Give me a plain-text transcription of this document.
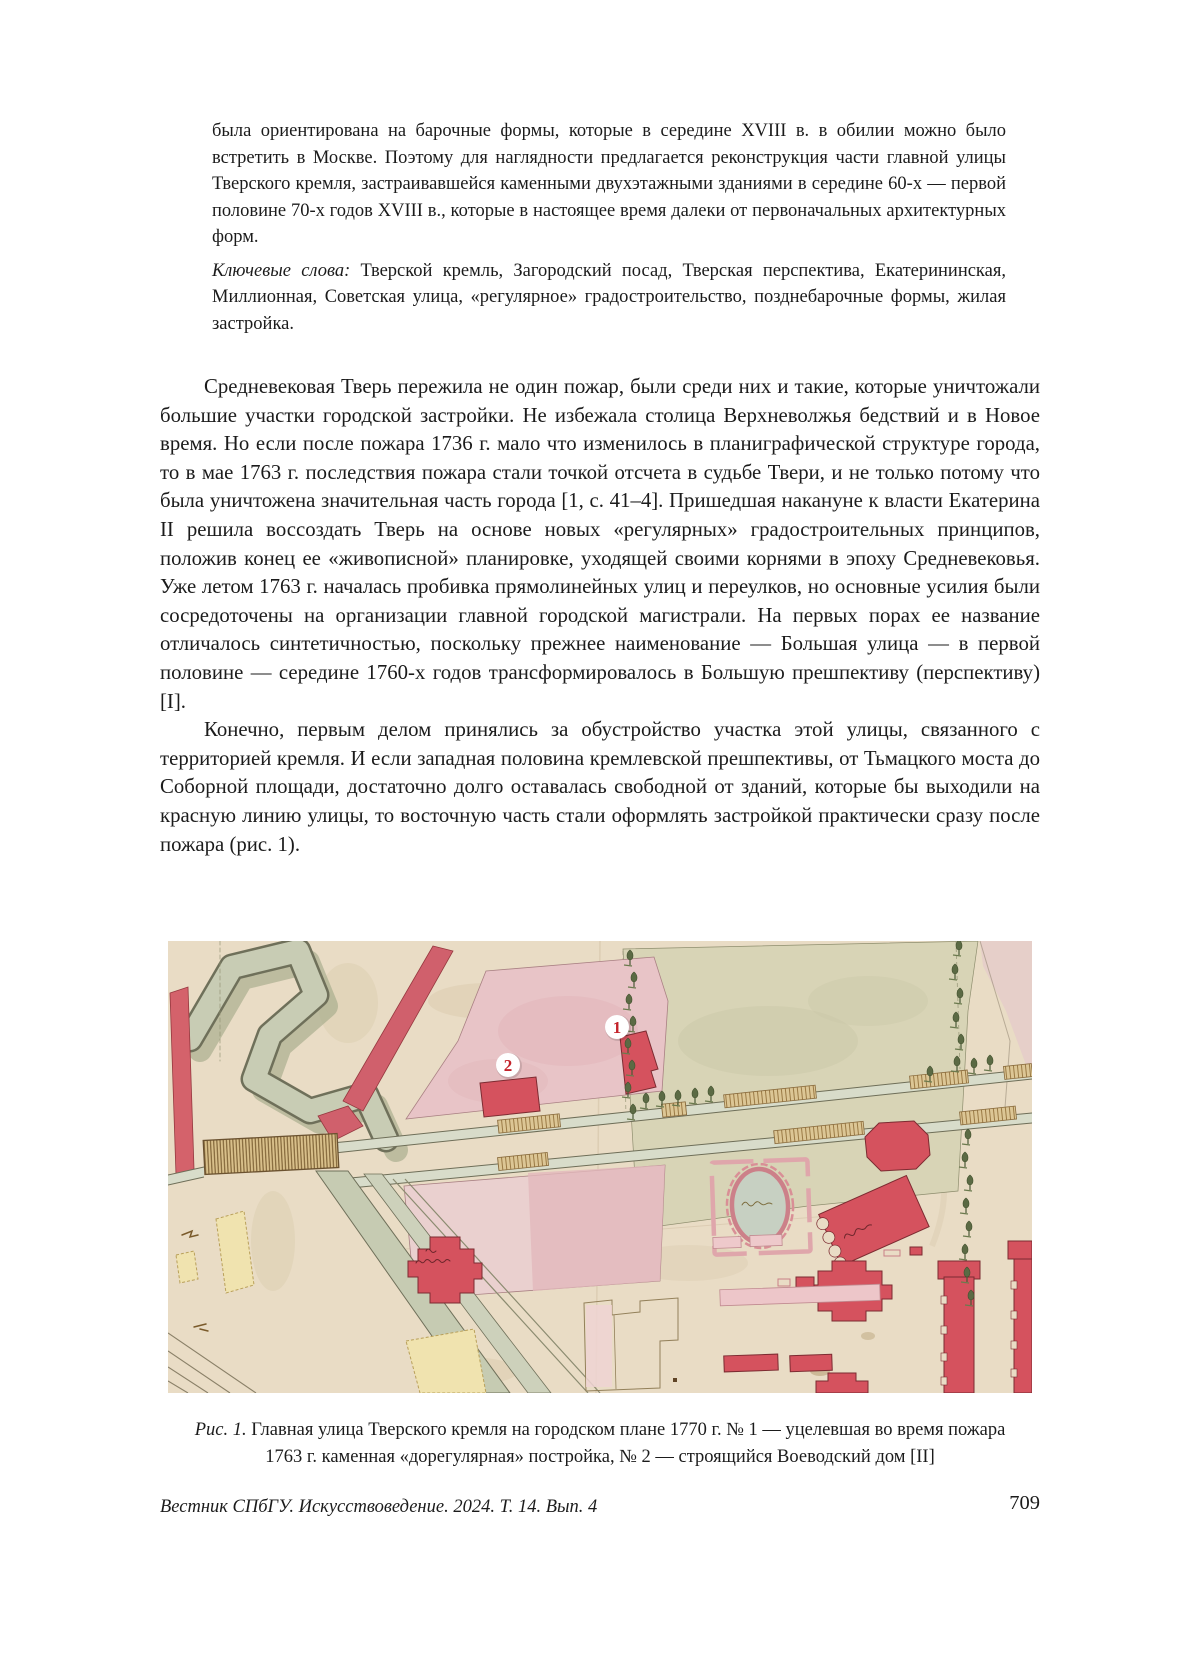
была ориентирована на барочные формы, которые в середине XVIII в. в обилии можно было встретить в Москве. Поэтому для наглядности предлагается реконструкция части главной улицы Тверского кремля, застраивавшейся каменными двухэтажными зданиями в середине 60-х — первой половине 70-х годов XVIII в., которые в настоящее время далеки от первоначальных архитектурных форм.

Ключевые слова: Тверской кремль, Загородский посад, Тверская перспектива, Екатерининская, Миллионная, Советская улица, «регулярное» градостроительство, позднебарочные формы, жилая застройка.

Средневековая Тверь пережила не один пожар, были среди них и такие, которые уничтожали большие участки городской застройки. Не избежала столица Верхневолжья бедствий и в Новое время. Но если после пожара 1736 г. мало что изменилось в планиграфической структуре города, то в мае 1763 г. последствия пожара стали точкой отсчета в судьбе Твери, и не только потому что была уничтожена значительная часть города [1, с. 41–4]. Пришедшая накануне к власти Екатерина II решила воссоздать Тверь на основе новых «регулярных» градостроительных принципов, положив конец ее «живописной» планировке, уходящей своими корнями в эпоху Средневековья. Уже летом 1763 г. началась пробивка прямолинейных улиц и переулков, но основные усилия были сосредоточены на организации главной городской магистрали. На первых порах ее название отличалось синтетичностью, поскольку прежнее наименование — Большая улица — в первой половине — середине 1760-х годов трансформировалось в Большую прешпективу (перспективу) [I].

Конечно, первым делом принялись за обустройство участка этой улицы, связанного с территорией кремля. И если западная половина кремлевской прешпективы, от Тьмацкого моста до Соборной площади, достаточно долго оставалась свободной от зданий, которые бы выходили на красную линию улицы, то восточную часть стали оформлять застройкой практически сразу после пожара (рис. 1).

1
2
Рис. 1. Главная улица Тверского кремля на городском плане 1770 г. № 1 — уцелевшая во время пожара 1763 г. каменная «дорегулярная» постройка, № 2 — строящийся Воеводский дом [II]
Вестник СПбГУ. Искусствоведение. 2024. Т. 14. Вып. 4	709
